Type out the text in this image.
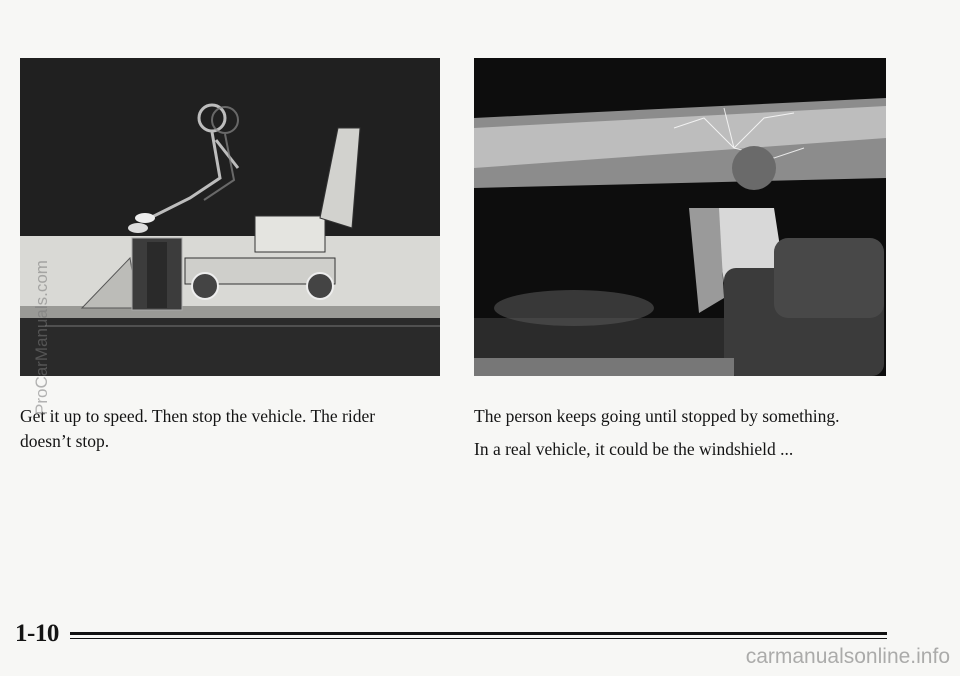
Get it up to speed. Then stop the vehicle. The rider doesn’t stop.

The person keeps going until stopped by something.

In a real vehicle, it could be the windshield ...

1-10
ProCarManuals.com
carmanualsonline.info
